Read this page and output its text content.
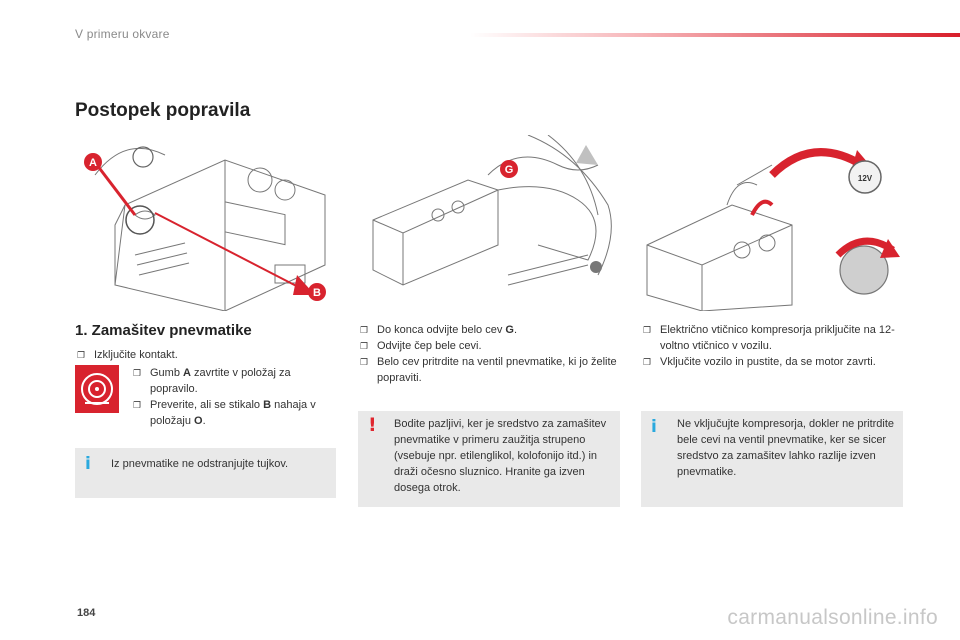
V primeru okvare
Postopek popravila
A
B
G
12V
1. Zamašitev pnevmatike
❐ Izključite kontakt.
❐ Gumb A zavrtite v položaj za popravilo.
❐ Preverite, ali se stikalo B nahaja v položaju O.
i Iz pnevmatike ne odstranjujte tujkov.
❐ Do konca odvijte belo cev G.
❐ Odvijte čep bele cevi.
❐ Belo cev pritrdite na ventil pnevmatike, ki jo želite popraviti.
! Bodite pazljivi, ker je sredstvo za zamašitev pnevmatike v primeru zaužitja strupeno (vsebuje npr. etilenglikol, kolofonijo itd.) in draži očesno sluznico. Hranite ga izven dosega otrok.
❐ Električno vtičnico kompresorja priključite na 12-voltno vtičnico v vozilu.
❐ Vključite vozilo in pustite, da se motor zavrti.
i Ne vključujte kompresorja, dokler ne pritrdite bele cevi na ventil pnevmatike, ker se sicer sredstvo za zamašitev lahko razlije izven pnevmatike.
184	carmanualsonline.info
